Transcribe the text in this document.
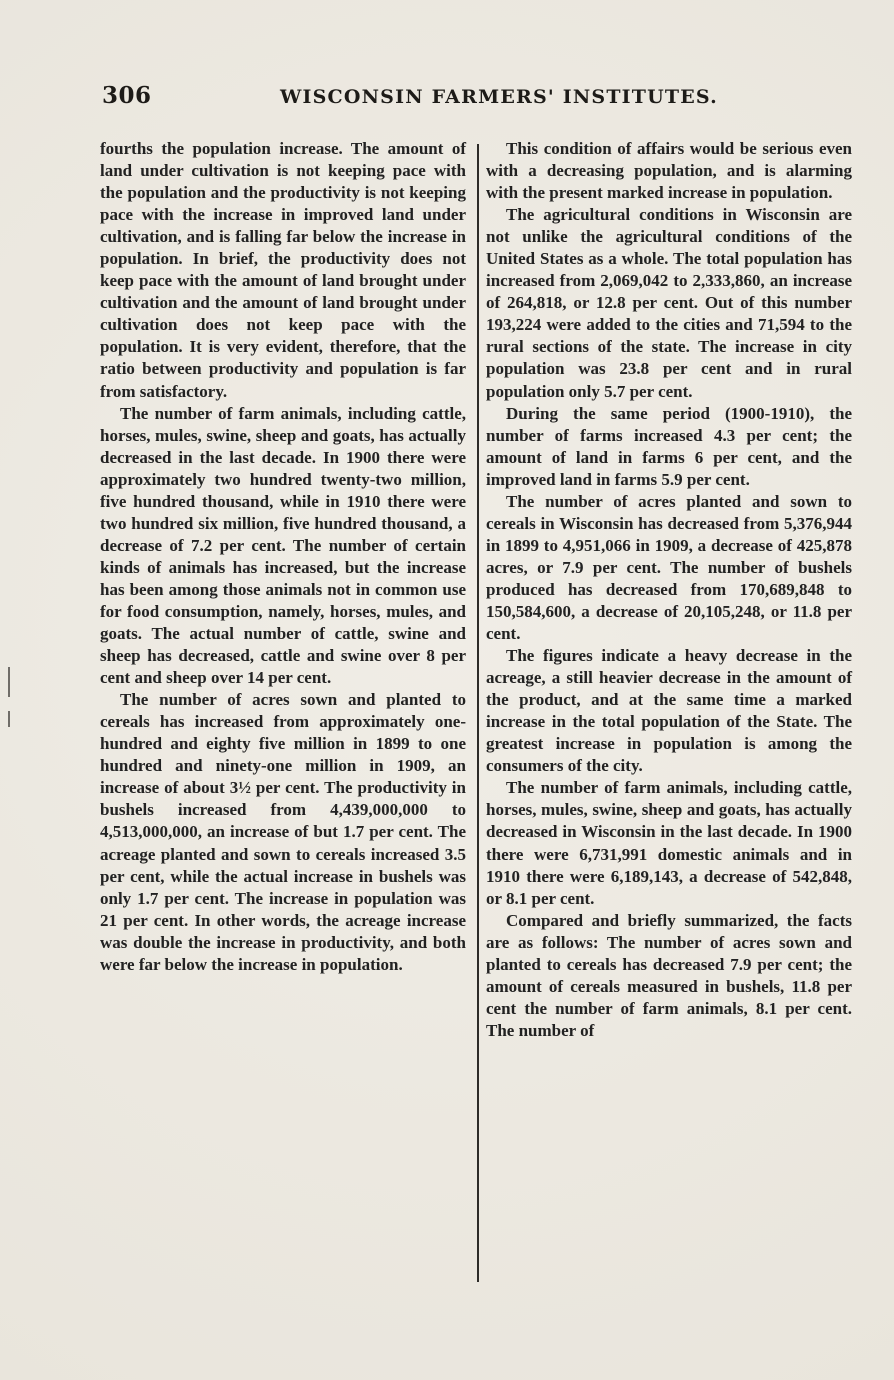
306	WISCONSIN FARMERS' INSTITUTES.

fourths the population increase. The amount of land under cultivation is not keeping pace with the population and the productivity is not keeping pace with the increase in improved land under cultivation, and is falling far below the increase in population. In brief, the productivity does not keep pace with the amount of land brought under cultivation and the amount of land brought under cultivation does not keep pace with the population. It is very evident, therefore, that the ratio between productivity and population is far from satisfactory.

The number of farm animals, including cattle, horses, mules, swine, sheep and goats, has actually decreased in the last decade. In 1900 there were approximately two hundred twenty-two million, five hundred thousand, while in 1910 there were two hundred six million, five hundred thousand, a decrease of 7.2 per cent. The number of certain kinds of animals has increased, but the increase has been among those animals not in common use for food consumption, namely, horses, mules, and goats. The actual number of cattle, swine and sheep has decreased, cattle and swine over 8 per cent and sheep over 14 per cent.

The number of acres sown and planted to cereals has increased from approximately one-hundred and eighty five million in 1899 to one hundred and ninety-one million in 1909, an increase of about 3½ per cent. The productivity in bushels increased from 4,439,000,000 to 4,513,000,000, an increase of but 1.7 per cent. The acreage planted and sown to cereals increased 3.5 per cent, while the actual increase in bushels was only 1.7 per cent. The increase in population was 21 per cent. In other words, the acreage increase was double the increase in productivity, and both were far below the increase in population.

This condition of affairs would be serious even with a decreasing population, and is alarming with the present marked increase in population.

The agricultural conditions in Wisconsin are not unlike the agricultural conditions of the United States as a whole. The total population has increased from 2,069,042 to 2,333,860, an increase of 264,818, or 12.8 per cent. Out of this number 193,224 were added to the cities and 71,594 to the rural sections of the state. The increase in city population was 23.8 per cent and in rural population only 5.7 per cent.

During the same period (1900-1910), the number of farms increased 4.3 per cent; the amount of land in farms 6 per cent, and the improved land in farms 5.9 per cent.

The number of acres planted and sown to cereals in Wisconsin has decreased from 5,376,944 in 1899 to 4,951,066 in 1909, a decrease of 425,878 acres, or 7.9 per cent. The number of bushels produced has decreased from 170,689,848 to 150,584,600, a decrease of 20,105,248, or 11.8 per cent.

The figures indicate a heavy decrease in the acreage, a still heavier decrease in the amount of the product, and at the same time a marked increase in the total population of the State. The greatest increase in population is among the consumers of the city.

The number of farm animals, including cattle, horses, mules, swine, sheep and goats, has actually decreased in Wisconsin in the last decade. In 1900 there were 6,731,991 domestic animals and in 1910 there were 6,189,143, a decrease of 542,848, or 8.1 per cent.

Compared and briefly summarized, the facts are as follows: The number of acres sown and planted to cereals has decreased 7.9 per cent; the amount of cereals measured in bushels, 11.8 per cent the number of farm animals, 8.1 per cent. The number of
